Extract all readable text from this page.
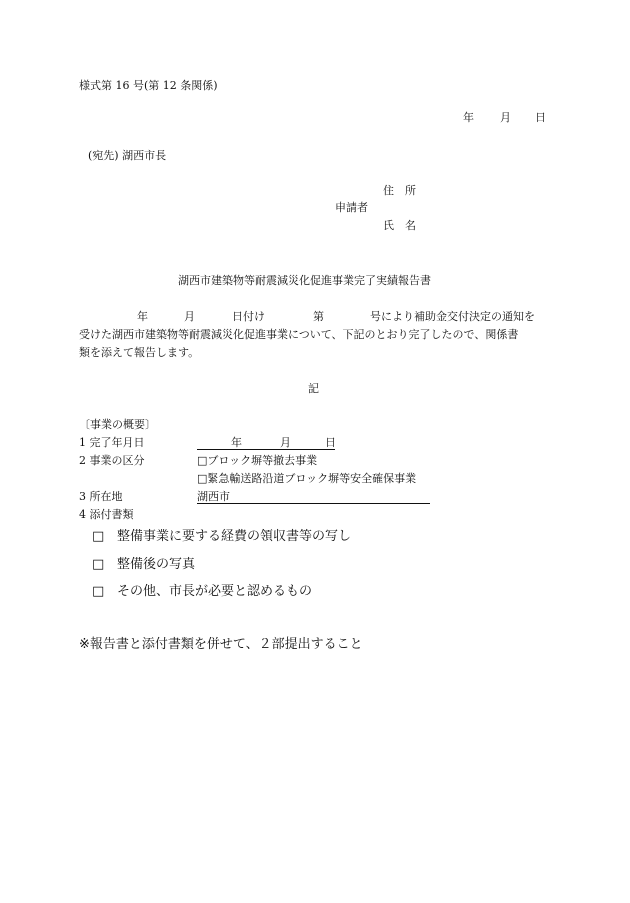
様式第 16 号(第 12 条関係)
年 月 日
(宛先) 湖西市長
住　所
申請者
氏　名
湖西市建築物等耐震減災化促進事業完了実績報告書
年	月	日付け	第	号により補助金交付決定の通知を
受けた湖西市建築物等耐震減災化促進事業について、下記のとおり完了したので、関係書
類を添えて報告します。
記
〔事業の概要〕
1 完了年月日	年	月	日
2 事業の区分	□ブロック塀等撤去事業
□緊急輸送路沿道ブロック塀等安全確保事業
3 所在地	湖西市
4 添付書類
□ 整備事業に要する経費の領収書等の写し
□ 整備後の写真
□ その他、市長が必要と認めるもの
※報告書と添付書類を併せて、２部提出すること
